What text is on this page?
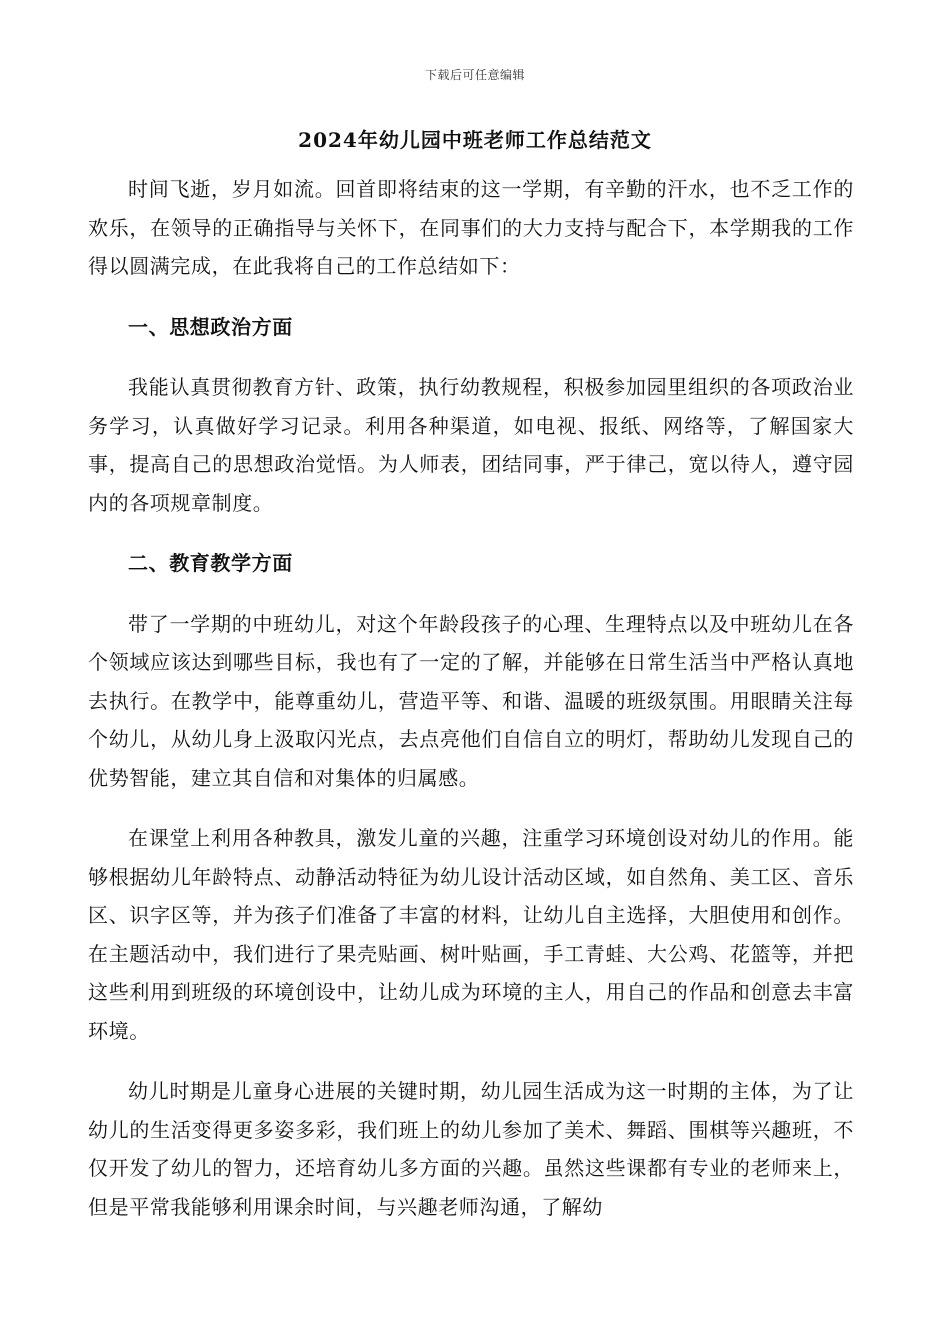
下载后可任意编辑
2024年幼儿园中班老师工作总结范文

时间飞逝，岁月如流。回首即将结束的这一学期，有辛勤的汗水，也不乏工作的欢乐，在领导的正确指导与关怀下，在同事们的大力支持与配合下，本学期我的工作得以圆满完成，在此我将自己的工作总结如下：

一、思想政治方面

我能认真贯彻教育方针、政策，执行幼教规程，积极参加园里组织的各项政治业务学习，认真做好学习记录。利用各种渠道，如电视、报纸、网络等，了解国家大事，提高自己的思想政治觉悟。为人师表，团结同事，严于律己，宽以待人，遵守园内的各项规章制度。

二、教育教学方面

带了一学期的中班幼儿，对这个年龄段孩子的心理、生理特点以及中班幼儿在各个领域应该达到哪些目标，我也有了一定的了解，并能够在日常生活当中严格认真地去执行。在教学中，能尊重幼儿，营造平等、和谐、温暖的班级氛围。用眼睛关注每个幼儿，从幼儿身上汲取闪光点，去点亮他们自信自立的明灯，帮助幼儿发现自己的优势智能，建立其自信和对集体的归属感。

在课堂上利用各种教具，激发儿童的兴趣，注重学习环境创设对幼儿的作用。能够根据幼儿年龄特点、动静活动特征为幼儿设计活动区域，如自然角、美工区、音乐区、识字区等，并为孩子们准备了丰富的材料，让幼儿自主选择，大胆使用和创作。在主题活动中，我们进行了果壳贴画、树叶贴画，手工青蛙、大公鸡、花篮等，并把这些利用到班级的环境创设中，让幼儿成为环境的主人，用自己的作品和创意去丰富环境。

幼儿时期是儿童身心进展的关键时期，幼儿园生活成为这一时期的主体，为了让幼儿的生活变得更多姿多彩，我们班上的幼儿参加了美术、舞蹈、围棋等兴趣班，不仅开发了幼儿的智力，还培育幼儿多方面的兴趣。虽然这些课都有专业的老师来上，但是平常我能够利用课余时间，与兴趣老师沟通，了解幼
